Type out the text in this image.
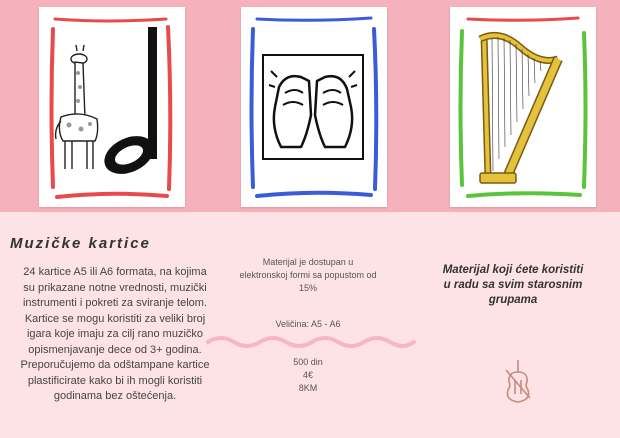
Muzičke kartice
24 kartice A5 ili A6 formata, na kojima su prikazane notne vrednosti, muzički instrumenti i pokreti za sviranje telom. Kartice se mogu koristiti za veliki broj igara koje imaju za cilj rano muzičko opismenjavanje dece od 3+ godina. Preporučujemo da odštampane kartice plastificirate kako bi ih mogli koristiti godinama bez oštećenja.
Materijal je dostupan u elektronskoj formi sa popustom od 15%
Veličina: A5 - A6
500 din
4€
8KM
Materijal koji ćete koristiti u radu sa svim starosnim grupama
